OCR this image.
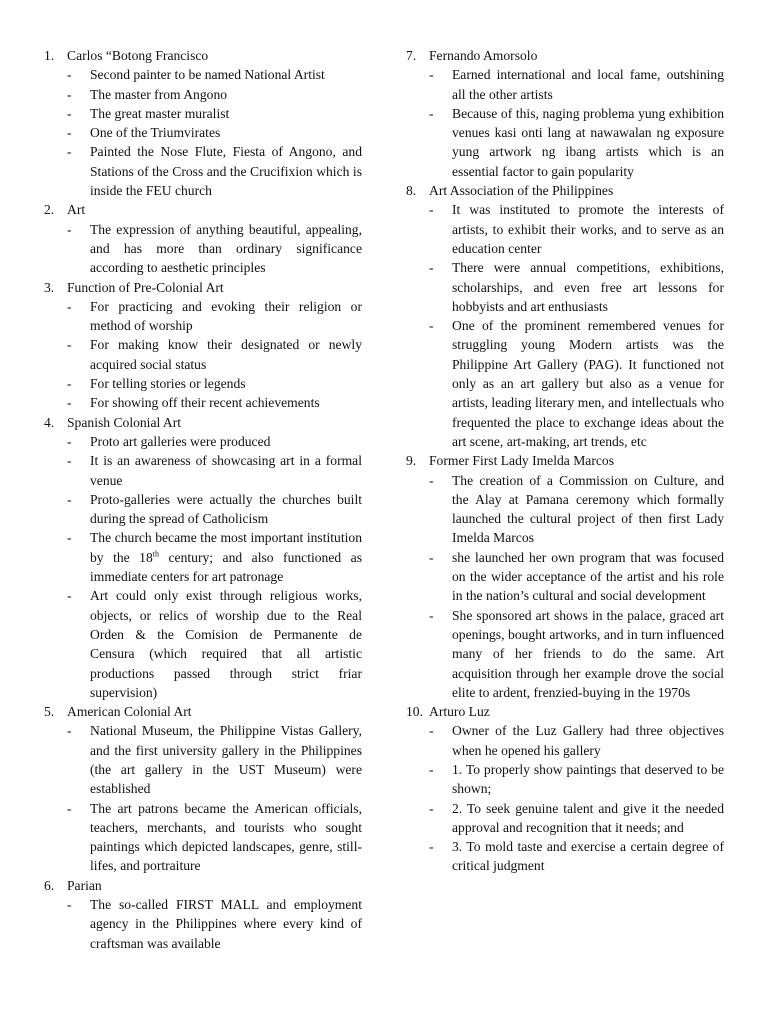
1. Carlos “Botong Francisco
-	Second painter to be named National Artist
-	The master from Angono
-	The great master muralist
-	One of the Triumvirates
-	Painted the Nose Flute, Fiesta of Angono, and Stations of the Cross and the Crucifixion which is inside the FEU church
2. Art
-	The expression of anything beautiful, appealing, and has more than ordinary significance according to aesthetic principles
3. Function of Pre-Colonial Art
-	For practicing and evoking their religion or method of worship
-	For making know their designated or newly acquired social status
-	For telling stories or legends
-	For showing off their recent achievements
4. Spanish Colonial Art
-	Proto art galleries were produced
-	It is an awareness of showcasing art in a formal venue
-	Proto-galleries were actually the churches built during the spread of Catholicism
-	The church became the most important institution by the 18th century; and also functioned as immediate centers for art patronage
-	Art could only exist through religious works, objects, or relics of worship due to the Real Orden & the Comision de Permanente de Censura (which required that all artistic productions passed through strict friar supervision)
5. American Colonial Art
-	National Museum, the Philippine Vistas Gallery, and the first university gallery in the Philippines (the art gallery in the UST Museum) were established
-	The art patrons became the American officials, teachers, merchants, and tourists who sought paintings which depicted landscapes, genre, still-lifes, and portraiture
6. Parian
-	The so-called FIRST MALL and employment agency in the Philippines where every kind of craftsman was available
7. Fernando Amorsolo
-	Earned international and local fame, outshining all the other artists
-	Because of this, naging problema yung exhibition venues kasi onti lang at nawawalan ng exposure yung artwork ng ibang artists which is an essential factor to gain popularity
8. Art Association of the Philippines
-	It was instituted to promote the interests of artists, to exhibit their works, and to serve as an education center
-	There were annual competitions, exhibitions, scholarships, and even free art lessons for hobbyists and art enthusiasts
-	One of the prominent remembered venues for struggling young Modern artists was the Philippine Art Gallery (PAG). It functioned not only as an art gallery but also as a venue for artists, leading literary men, and intellectuals who frequented the place to exchange ideas about the art scene, art-making, art trends, etc
9. Former First Lady Imelda Marcos
-	The creation of a Commission on Culture, and the Alay at Pamana ceremony which formally launched the cultural project of then first Lady Imelda Marcos
-	she launched her own program that was focused on the wider acceptance of the artist and his role in the nation’s cultural and social development
-	She sponsored art shows in the palace, graced art openings, bought artworks, and in turn influenced many of her friends to do the same. Art acquisition through her example drove the social elite to ardent, frenzied-buying in the 1970s
10. Arturo Luz
-	Owner of the Luz Gallery had three objectives when he opened his gallery
-	1. To properly show paintings that deserved to be shown;
-	2. To seek genuine talent and give it the needed approval and recognition that it needs; and
-	3. To mold taste and exercise a certain degree of critical judgment
